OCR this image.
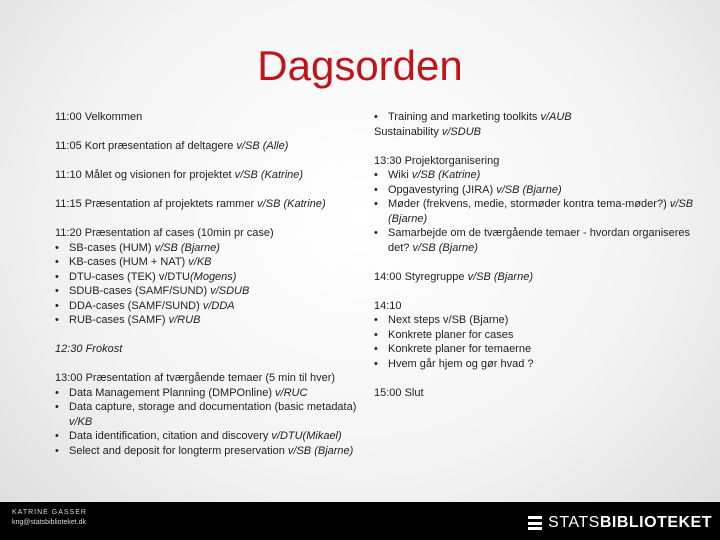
Dagsorden
11:00 Velkommen
11:05 Kort præsentation af deltagere v/SB (Alle)
11:10 Målet og visionen for projektet v/SB (Katrine)
11:15 Præsentation af projektets rammer v/SB (Katrine)
11:20 Præsentation af cases (10min pr case)
• SB-cases (HUM) v/SB (Bjarne)
• KB-cases (HUM + NAT) v/KB
• DTU-cases (TEK) v/DTU(Mogens)
• SDUB-cases (SAMF/SUND) v/SDUB
• DDA-cases (SAMF/SUND) v/DDA
• RUB-cases (SAMF) v/RUB
12:30 Frokost
13:00 Præsentation af tværgående temaer (5 min til hver)
• Data Management Planning (DMPOnline) v/RUC
• Data capture, storage and documentation (basic metadata) v/KB
• Data identification, citation and discovery v/DTU(Mikael)
• Select and deposit for longterm preservation v/SB (Bjarne)
• Training and marketing toolkits v/AUB
Sustainability v/SDUB
13:30 Projektorganisering
• Wiki v/SB (Katrine)
• Opgavestyring (JIRA) v/SB (Bjarne)
• Møder (frekvens, medie, stormøder kontra tema-møder?) v/SB (Bjarne)
• Samarbejde om de tværgående temaer - hvordan organiseres det? v/SB (Bjarne)
14:00 Styregruppe v/SB (Bjarne)
14:10
• Next steps v/SB (Bjarne)
• Konkrete planer for cases
• Konkrete planer for temaerne
• Hvem går hjem og gør hvad ?
15:00 Slut
KATRINE GASSER
kng@statsbiblioteket.dk	STATSBIBLIOTEKET
